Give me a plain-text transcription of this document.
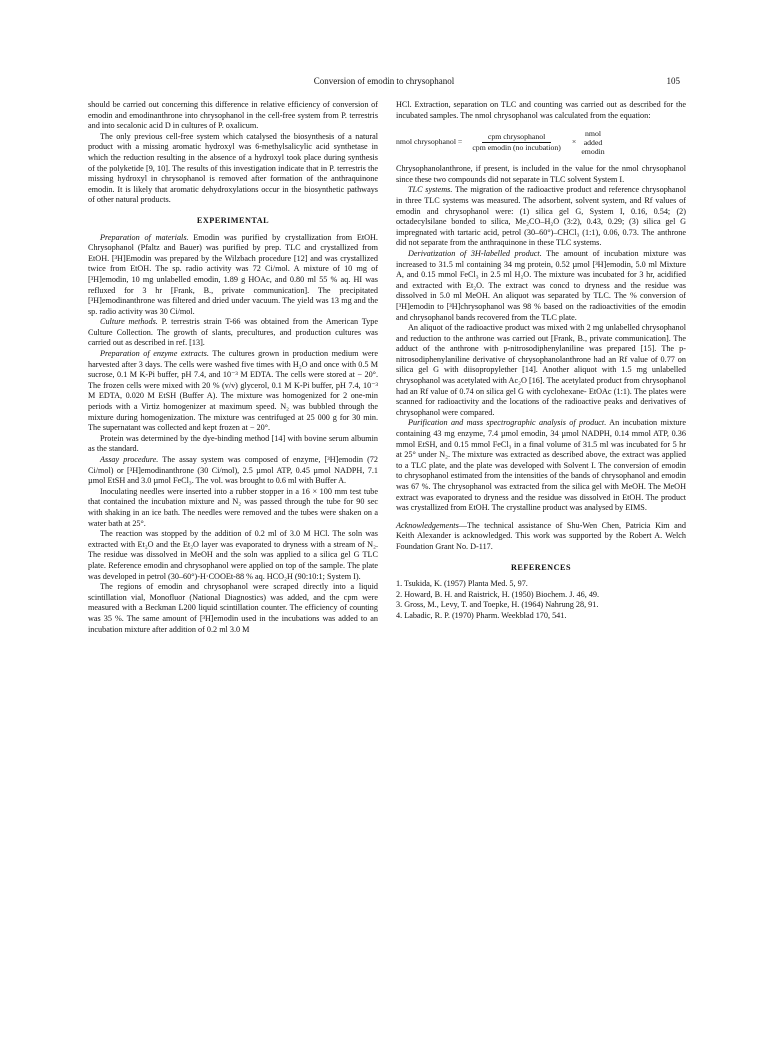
Conversion of emodin to chrysophanol	105

should be carried out concerning this difference in relative efficiency of conversion of emodin and emodinanthrone into chrysophanol in the cell-free system from P. terrestris and into secalonic acid D in cultures of P. oxalicum.

The only previous cell-free system which catalysed the biosynthesis of a natural product with a missing aromatic hydroxyl was 6-methylsalicylic acid synthetase in which the reduction resulting in the absence of a hydroxyl took place during synthesis of the polyketide [9, 10]. The results of this investigation indicate that in P. terrestris the missing hydroxyl in chrysophanol is removed after formation of the anthraquinone emodin. It is likely that aromatic dehydroxylations occur in the biosynthetic pathways of other natural products.

EXPERIMENTAL

Preparation of materials. Emodin was purified by crystallization from EtOH. Chrysophanol (Pfaltz and Bauer) was purified by prep. TLC and crystallized from EtOH. [³H]Emodin was prepared by the Wilzbach procedure [12] and was crystallized twice from EtOH. The sp. radio activity was 72 Ci/mol. A mixture of 10 mg of [³H]emodin, 10 mg unlabelled emodin, 1.89 g HOAc, and 0.80 ml 55 % aq. HI was refluxed for 3 hr [Frank, B., private communication]. The precipitated [³H]emodinanthrone was filtered and dried under vacuum. The yield was 13 mg and the sp. radio activity was 30 Ci/mol.

Culture methods. P. terrestris strain T-66 was obtained from the American Type Culture Collection. The growth of slants, precultures, and production cultures was carried out as described in ref. [13].

Preparation of enzyme extracts. The cultures grown in production medium were harvested after 3 days. The cells were washed five times with H₂O and once with 0.5 M sucrose, 0.1 M K-Pi buffer, pH 7.4, and 10⁻³ M EDTA. The cells were stored at − 20°. The frozen cells were mixed with 20 % (v/v) glycerol, 0.1 M K-Pi buffer, pH 7.4, 10⁻³ M EDTA, 0.020 M EtSH (Buffer A). The mixture was homogenized for 2 one-min periods with a Virtiz homogenizer at maximum speed. N₂ was bubbled through the mixture during homogenization. The mixture was centrifuged at 25 000 g for 30 min. The supernatant was collected and kept frozen at − 20°.

Protein was determined by the dye-binding method [14] with bovine serum albumin as the standard.

Assay procedure. The assay system was composed of enzyme, [³H]emodin (72 Ci/mol) or [³H]emodinanthrone (30 Ci/mol), 2.5 µmol ATP, 0.45 µmol NADPH, 7.1 µmol EtSH and 3.0 µmol FeCl₃. The vol. was brought to 0.6 ml with Buffer A.

Inoculating needles were inserted into a rubber stopper in a 16 × 100 mm test tube that contained the incubation mixture and N₂ was passed through the tube for 90 sec with shaking in an ice bath. The needles were removed and the tubes were shaken on a water bath at 25°.

The reaction was stopped by the addition of 0.2 ml of 3.0 M HCl. The soln was extracted with Et₂O and the Et₂O layer was evaporated to dryness with a stream of N₂. The residue was dissolved in MeOH and the soln was applied to a silica gel G TLC plate. Reference emodin and chrysophanol were applied on top of the sample. The plate was developed in petrol (30–60°)-H·COOEt-88 % aq. HCO₂H (90:10:1; System I).

The regions of emodin and chrysophanol were scraped directly into a liquid scintillation vial, Monofluor (National Diagnostics) was added, and the cpm were measured with a Beckman L200 liquid scintillation counter. The efficiency of counting was 35 %. The same amount of [³H]emodin used in the incubations was added to an incubation mixture after addition of 0.2 ml 3.0 M

HCl. Extraction, separation on TLC and counting was carried out as described for the incubated samples. The nmol chrysophanol was calculated from the equation:

nmol chrysophanol = $\frac{\text{cpm chrysophanol}}{\text{cpm emodin (no incubation)}}$ ×
nmol
added
emodin

Chrysophanolanthrone, if present, is included in the value for the nmol chrysophanol since these two compounds did not separate in TLC solvent System I.

TLC systems. The migration of the radioactive product and reference chrysophanol in three TLC systems was measured. The adsorbent, solvent system, and Rf values of emodin and chrysophanol were: (1) silica gel G, System I, 0.16, 0.54; (2) octadecylsilane bonded to silica, Me₂CO–H₂O (3:2), 0.43, 0.29; (3) silica gel G impregnated with tartaric acid, petrol (30–60°)–CHCl₃ (1:1), 0.06, 0.73. The anthrone did not separate from the anthraquinone in these TLC systems.

Derivatization of 3H-labelled product. The amount of incubation mixture was increased to 31.5 ml containing 34 mg protein, 0.52 µmol [³H]emodin, 5.0 ml Mixture A, and 0.15 mmol FeCl₃ in 2.5 ml H₂O. The mixture was incubated for 3 hr, acidified and extracted with Et₂O. The extract was concd to dryness and the residue was dissolved in 5.0 ml MeOH. An aliquot was separated by TLC. The % conversion of [³H]emodin to [³H]chrysophanol was 98 % based on the radioactivities of the emodin and chrysophanol bands recovered from the TLC plate.

An aliquot of the radioactive product was mixed with 2 mg unlabelled chrysophanol and reduction to the anthrone was carried out [Frank, B., private communication]. The adduct of the anthrone with p-nitrosodiphenylaniline was prepared [15]. The p-nitrosodiphenylaniline derivative of chrysophanolanthrone had an Rf value of 0.77 on silica gel G with diisopropylether [14]. Another aliquot with 1.5 mg unlabelled chrysophanol was acetylated with Ac₂O [16]. The acetylated product from chrysophanol had an Rf value of 0.74 on silica gel G with cyclohexane- EtOAc (1:1). The plates were scanned for radioactivity and the locations of the radioactive peaks and derivatives of chrysophanol were compared.

Purification and mass spectrographic analysis of product. An incubation mixture containing 43 mg enzyme, 7.4 µmol emodin, 34 µmol NADPH, 0.14 mmol ATP, 0.36 mmol EtSH, and 0.15 mmol FeCl₃ in a final volume of 31.5 ml was incubated for 5 hr at 25° under N₂. The mixture was extracted as described above, the extract was applied to a TLC plate, and the plate was developed with Solvent I. The conversion of emodin to chrysophanol estimated from the intensities of the bands of chrysophanol and emodin was 67 %. The chrysophanol was extracted from the silica gel with MeOH. The MeOH extract was evaporated to dryness and the residue was dissolved in EtOH. The product was crystallized from EtOH. The crystalline product was analysed by EIMS.

Acknowledgements—The technical assistance of Shu-Wen Chen, Patricia Kim and Keith Alexander is acknowledged. This work was supported by the Robert A. Welch Foundation Grant No. D-117.

REFERENCES
1. Tsukida, K. (1957) Planta Med. 5, 97.
2. Howard, B. H. and Raistrick, H. (1950) Biochem. J. 46, 49.
3. Gross, M., Levy, T. and Toepke, H. (1964) Nahrung 28, 91.
4. Labadic, R. P. (1970) Pharm. Weekblad 170, 541.
